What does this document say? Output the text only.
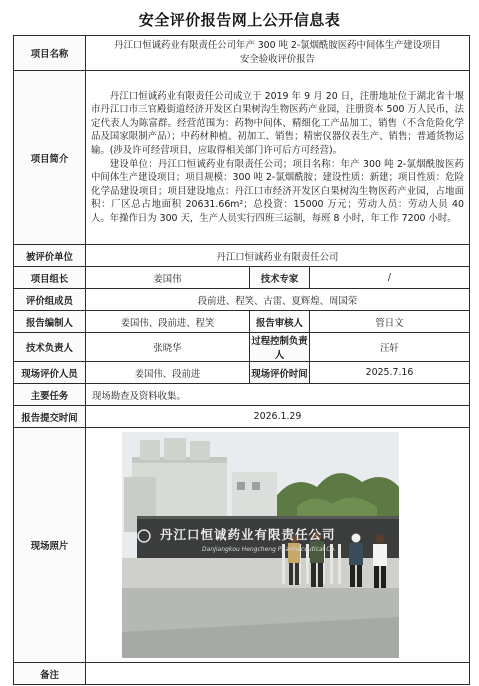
安全评价报告网上公开信息表
项目名称	丹江口恒诚药业有限责任公司年产 300 吨 2-氯烟酰胺医药中间体生产建设项目
安全验收评价报告		

项目简介	丹江口恒诚药业有限责任公司成立于 2019 年 9 月 20 日，注册地址位于湖北省十堰市丹江口市三官殿街道经济开发区白果树沟生物医药产业园，注册资本 500 万人民币，法定代表人为陈富群。经营范围为：药物中间体、精细化工产品加工、销售（不含危险化学品及国家限制产品）；中药材种植、初加工、销售；精密仪器仪表生产、销售；普通货物运输。(涉及许可经营项目，应取得相关部门许可后方可经营)。

建设单位：丹江口恒诚药业有限责任公司；项目名称：年产 300 吨 2-氯烟酰胺医药中间体生产建设项目；项目规模：300 吨 2-氯烟酰胺；建设性质：新建；项目性质：危险化学品建设项目；项目建设地点：丹江口市经济开发区白果树沟生物医药产业园，占地面积：厂区总占地面积 20631.66m²；总投资：15000 万元；劳动人员：劳动人员 40 人。年操作日为 300 天，生产人员实行四班三运制，每班 8 小时，年工作 7200 小时。		

被评价单位	丹江口恒诚药业有限责任公司		
项目组长	姜国伟	技术专家	/
评价组成员	段前进、程笑、古雷、夏辉煌、周国荣		
报告编制人	姜国伟、段前进、程笑	报告审核人	管日文
技术负责人	张晓华	过程控制负责人	汪轩
现场评价人员	姜国伟、段前进	现场评价时间	2025.7.16
主要任务	现场勘查及资料收集。		
报告提交时间	2026.1.29		
现场照片	丹江口恒诚药业有限责任公司
DanJiangkou Hengcheng Pharmaceutical Co.		

备注			
